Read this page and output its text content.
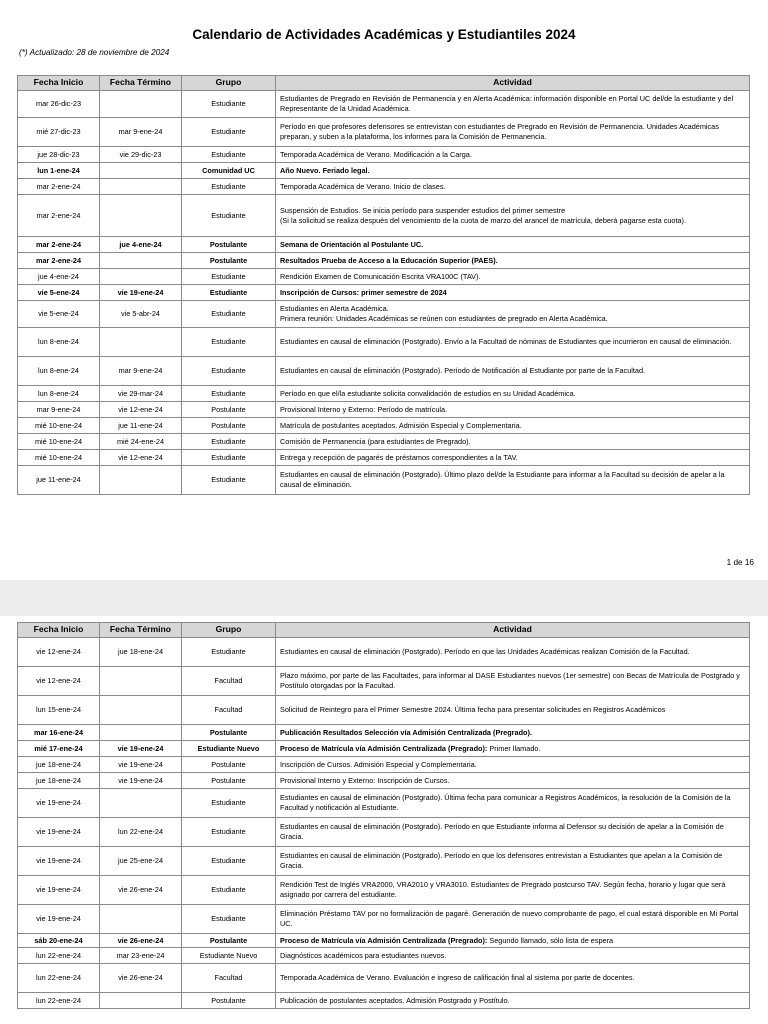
Calendario de Actividades Académicas y Estudiantiles 2024
(*) Actualizado: 28 de noviembre de 2024
1 de 16
Fecha Inicio	Fecha Término	Grupo	Actividad
mar 26-dic-23		Estudiante	Estudiantes de Pregrado en Revisión de Permanencia y en Alerta Académica: información disponible en Portal UC del/de la estudiante y del Representante de la Unidad Académica.
mié 27-dic-23	mar 9-ene-24	Estudiante	Período en que profesores defensores se entrevistan con estudiantes de Pregrado en Revisión de Permanencia. Unidades Académicas preparan, y suben a la plataforma, los informes para la Comisión de Permanencia.
jue 28-dic-23	vie 29-dic-23	Estudiante	Temporada Académica de Verano. Modificación a la Carga.
lun 1-ene-24		Comunidad UC	Año Nuevo. Feriado legal.
mar 2-ene-24		Estudiante	Temporada Académica de Verano. Inicio de clases.
mar 2-ene-24		Estudiante	Suspensión de Estudios. Se inicia período para suspender estudios del primer semestre
(Si la solicitud se realiza después del vencimiento de la cuota de marzo del arancel de matrícula, deberá pagarse esta cuota).
mar 2-ene-24	jue 4-ene-24	Postulante	Semana de Orientación al Postulante UC.
mar 2-ene-24		Postulante	Resultados Prueba de Acceso a la Educación Superior (PAES).
jue 4-ene-24		Estudiante	Rendición Examen de Comunicación Escrita VRA100C (TAV).
vie 5-ene-24	vie 19-ene-24	Estudiante	Inscripción de Cursos: primer semestre de 2024
vie 5-ene-24	vie 5-abr-24	Estudiante	Estudiantes en Alerta Académica.
Primera reunión: Unidades Académicas se reúnen con estudiantes de pregrado en Alerta Académica.
lun 8-ene-24		Estudiante	Estudiantes en causal de eliminación (Postgrado). Envío a la Facultad de nóminas de Estudiantes que incurrieron en causal de eliminación.
lun 8-ene-24	mar 9-ene-24	Estudiante	Estudiantes en causal de eliminación (Postgrado). Período de Notificación al Estudiante por parte de la Facultad.
lun 8-ene-24	vie 29-mar-24	Estudiante	Período en que el/la estudiante solicita convalidación de estudios en su Unidad Académica.
mar 9-ene-24	vie 12-ene-24	Postulante	Provisional Interno y Externo: Período de matrícula.
mié 10-ene-24	jue 11-ene-24	Postulante	Matrícula de postulantes aceptados. Admisión Especial y Complementaria.
mié 10-ene-24	mié 24-ene-24	Estudiante	Comisión de Permanencia (para estudiantes de Pregrado).
mié 10-ene-24	vie 12-ene-24	Estudiante	Entrega y recepción de pagarés de préstamos correspondientes a la TAV.
jue 11-ene-24		Estudiante	Estudiantes en causal de eliminación (Postgrado). Último plazo del/de la Estudiante para informar a la Facultad su decisión de apelar a la causal de eliminación.
Fecha Inicio	Fecha Término	Grupo	Actividad
vie 12-ene-24	jue 18-ene-24	Estudiante	Estudiantes en causal de eliminación (Postgrado). Período en que las Unidades Académicas realizan Comisión de la Facultad.
vie 12-ene-24		Facultad	Plazo máximo, por parte de las Facultades, para informar al DASE Estudiantes nuevos (1er semestre) con Becas de Matrícula de Postgrado y Postítulo otorgadas por la Facultad.
lun 15-ene-24		Facultad	Solicitud de Reintegro para el Primer Semestre 2024. Última fecha para presentar solicitudes en Registros Académicos
mar 16-ene-24		Postulante	Publicación Resultados Selección vía Admisión Centralizada (Pregrado).
mié 17-ene-24	vie 19-ene-24	Estudiante Nuevo	Proceso de Matrícula vía Admisión Centralizada (Pregrado): Primer llamado.
jue 18-ene-24	vie 19-ene-24	Postulante	Inscripción de Cursos. Admisión Especial y Complementaria.
jue 18-ene-24	vie 19-ene-24	Postulante	Provisional Interno y Externo: Inscripción de Cursos.
vie 19-ene-24		Estudiante	Estudiantes en causal de eliminación (Postgrado). Última fecha para comunicar a Registros Académicos, la resolución de la Comisión de la Facultad y notificación al Estudiante.
vie 19-ene-24	lun 22-ene-24	Estudiante	Estudiantes en causal de eliminación (Postgrado). Período en que Estudiante informa al Defensor su decisión de apelar a la Comisión de Gracia.
vie 19-ene-24	jue 25-ene-24	Estudiante	Estudiantes en causal de eliminación (Postgrado). Período en que los defensores entrevistan a Estudiantes que apelan a la Comisión de Gracia.
vie 19-ene-24	vie 26-ene-24	Estudiante	Rendición Test de Inglés VRA2000, VRA2010 y VRA3010. Estudiantes de Pregrado postcurso TAV. Según fecha, horario y lugar que será asignado por carrera del estudiante.
vie 19-ene-24		Estudiante	Eliminación Préstamo TAV por no formalización de pagaré. Generación de nuevo comprobante de pago, el cual estará disponible en Mi Portal UC.
sáb 20-ene-24	vie 26-ene-24	Postulante	Proceso de Matrícula vía Admisión Centralizada (Pregrado): Segundo llamado, sólo lista de espera
lun 22-ene-24	mar 23-ene-24	Estudiante Nuevo	Diagnósticos académicos para estudiantes nuevos.
lun 22-ene-24	vie 26-ene-24	Facultad	Temporada Académica de Verano. Evaluación e ingreso de calificación final al sistema por parte de docentes.
lun 22-ene-24		Postulante	Publicación de postulantes aceptados. Admisión Postgrado y Postítulo.
